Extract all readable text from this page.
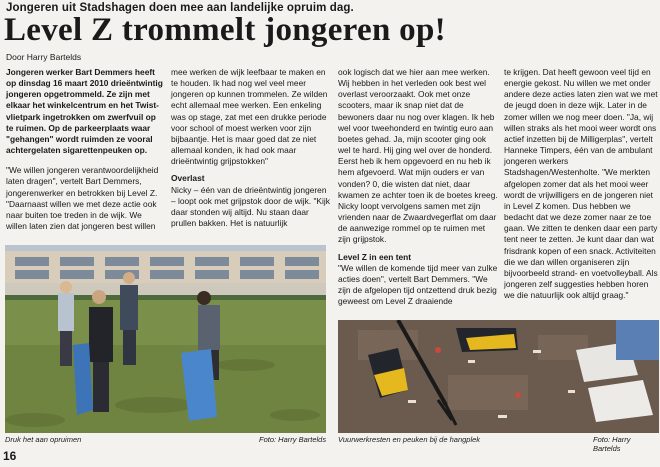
Jongeren uit Stadshagen doen mee aan landelijke opruim dag.
Level Z trommelt jongeren op!
Door Harry Bartelds

Jongeren werker Bart Demmers heeft op dinsdag 16 maart 2010 drieëntwintig jongeren opgetrommeld. Ze zijn met elkaar het winkelcentrum en het Twist-vlietpark ingetrokken om zwerfvuil op te ruimen. Op de parkeerplaats waar "gehangen" wordt ruimden ze vooral achtergelaten sigarettenpeuken op.

"We willen jongeren verantwoordelijkheid laten dragen", vertelt Bart Demmers, jongerenwerker en betrokken bij Level Z. "Daarnaast willen we met deze actie ook naar buiten toe treden in de wijk. We willen laten zien dat jongeren best willen

mee werken de wijk leefbaar te maken en te houden. Ik had nog wel veel meer jongeren op kunnen trommelen. Ze wilden echt allemaal mee werken. Een enkeling was op stage, zat met een drukke periode voor school of moest werken voor zijn bijbaantje. Het is maar goed dat ze niet allemaal konden, ik had ook maar drieëntwintig grijpstokken"

Overlast

Nicky – één van de drieëntwintig jongeren – loopt ook met grijpstok door de wijk. "Kijk daar stonden wij altijd. Nu staan daar prullen bakken. Het is natuurlijk

ook logisch dat we hier aan mee werken. Wij hebben in het verleden ook best wel overlast veroorzaakt. Ook met onze scooters, maar ik snap niet dat de bewoners daar nu nog over klagen. Ik heb wel voor tweehonderd en twintig euro aan boetes gehad. Ja, mijn scooter ging ook wel te hard. Hij ging wel over de honderd. Eerst heb ik hem opgevoerd en nu heb ik hem afgevoerd. Wat mijn ouders er van vonden? 0, die wisten dat niet, daar kwamen ze achter toen ik de boetes kreeg. Nicky loopt vervolgens samen met zijn vrienden naar de Zwaardvegerflat om daar de aanwezige rommel op te ruimen met zijn grijpstok.

Level Z in een tent

"We willen de komende tijd meer van zulke acties doen", vertelt Bart Demmers. "We zijn de afgelopen tijd ontzettend druk bezig geweest om Level Z draaiende

te krijgen. Dat heeft gewoon veel tijd en energie gekost. Nu willen we met onder andere deze acties laten zien wat we met de jeugd doen in deze wijk. Later in de zomer willen we nog meer doen. "Ja, wij willen straks als het mooi weer wordt ons actief inzetten bij de Milligerplas", vertelt Hanneke Timpers, één van de ambulant jongeren werkers Stadshagen/Westenholte. "We merkten afgelopen zomer dat als het mooi weer wordt de vrijwilligers en de jongeren niet in Level Z komen. Dus hebben we bedacht dat we deze zomer naar ze toe gaan. We zitten te denken daar een party tent neer te zetten. Je kunt daar dan wat frisdrank kopen of een snack. Activiteiten die we dan willen organiseren zijn bijvoorbeeld strand- en voetvolleyball. Als jongeren zelf suggesties hebben horen we die natuurlijk ook altijd graag."

Druk het aan opruimen	Foto: Harry Bartelds Vuurwerkresten en peuken bij de hangplek	Foto: Harry Bartelds
16
